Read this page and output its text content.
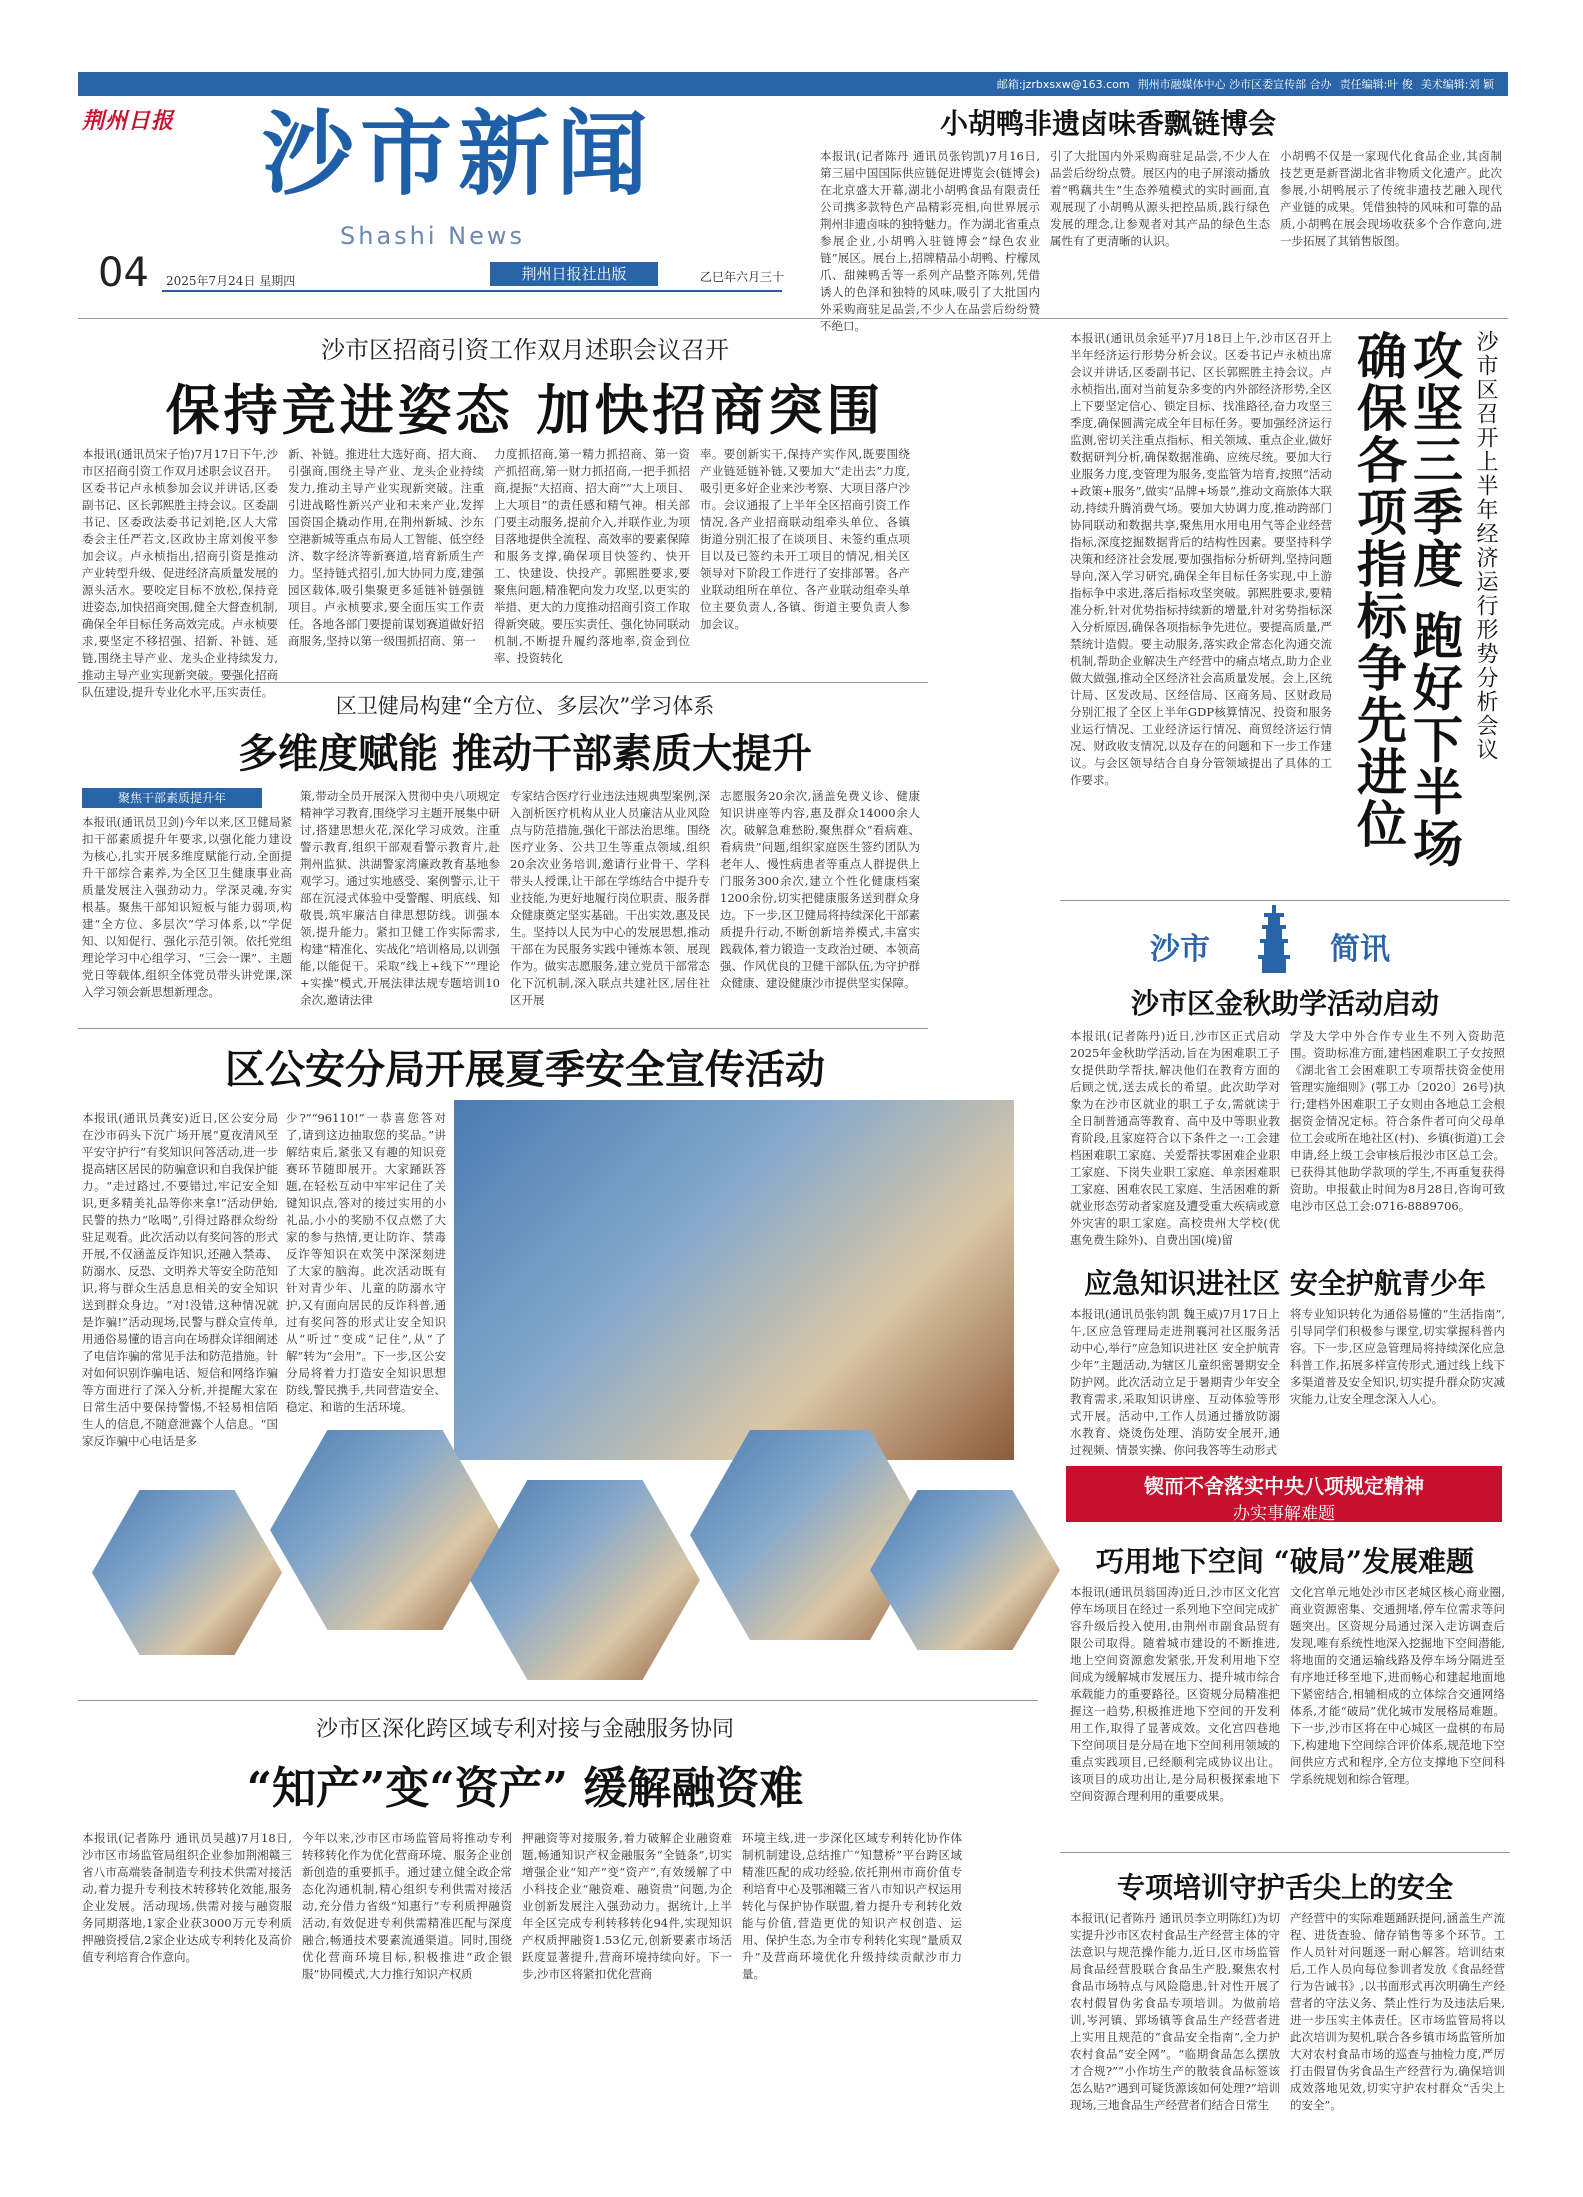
邮箱:jzrbxsxw@163.com 荆州市融媒体中心 沙市区委宣传部 合办 责任编辑:叶 俊 美术编辑:刘 颖
荆州日报 沙市新闻
Shashi News
04 2025年7月24日 星期四	荆州日报社出版	乙巳年六月三十
小胡鸭非遗卤味香飘链博会
本报讯(记者陈丹 通讯员张钧凯)7月16日,第三届中国国际供应链促进博览会(链博会)在北京盛大开幕,湖北小胡鸭食品有限责任公司携多款特色产品精彩亮相,向世界展示荆州非遗卤味的独特魅力。作为湖北省重点参展企业,小胡鸭入驻链博会“绿色农业链”展区。展台上,招牌精品小胡鸭、柠檬凤爪、甜辣鸭舌等一系列产品整齐陈列,凭借诱人的色泽和独特的风味,吸引了大批国内外采购商驻足品尝,不少人在品尝后纷纷赞不绝口。
引了大批国内外采购商驻足品尝,不少人在品尝后纷纷点赞。展区内的电子屏滚动播放着“鸭藕共生”生态养殖模式的实时画面,直观展现了小胡鸭从源头把控品质,践行绿色发展的理念,让参观者对其产品的绿色生态属性有了更清晰的认识。
小胡鸭不仅是一家现代化食品企业,其卤制技艺更是新晋湖北省非物质文化遗产。此次参展,小胡鸭展示了传统非遗技艺融入现代产业链的成果。凭借独特的风味和可靠的品质,小胡鸭在展会现场收获多个合作意向,进一步拓展了其销售版图。
沙市区招商引资工作双月述职会议召开
保持竞进姿态 加快招商突围
本报讯(通讯员宋子怡)7月17日下午,沙市区招商引资工作双月述职会议召开。区委书记卢永桢参加会议并讲话,区委副书记、区长郭熙胜主持会议。区委副书记、区委政法委书记刘艳,区人大常委会主任严若文,区政协主席刘俊平参加会议。卢永桢指出,招商引资是推动产业转型升级、促进经济高质量发展的源头活水。要咬定目标不放松,保持竞进姿态,加快招商突围,健全大督查机制,确保全年目标任务高效完成。卢永桢要求,要坚定不移招强、招新、补链、延链,围绕主导产业、龙头企业持续发力,推动主导产业实现新突破。要强化招商队伍建设,提升专业化水平,压实责任。
新、补链。推进壮大选好商、招大商、引强商,围绕主导产业、龙头企业持续发力,推动主导产业实现新突破。注重引进战略性新兴产业和未来产业,发挥国资国企撬动作用,在荆州新城、沙东空港新城等重点布局人工智能、低空经济、数字经济等新赛道,培育新质生产力。坚持链式招引,加大协同力度,建强园区载体,吸引集聚更多延链补链强链项目。卢永桢要求,要全面压实工作责任。各地各部门要提前谋划赛道做好招商服务,坚持以第一级围抓招商、第一
力度抓招商,第一精力抓招商、第一资产抓招商,第一财力抓招商,一把手抓招商,提振“大招商、招大商”“大上项目、上大项目”的责任感和精气神。相关部门要主动服务,提前介入,并联作业,为项目落地提供全流程、高效率的要素保障和服务支撑,确保项目快签约、快开工、快建设、快投产。郭熙胜要求,要聚焦问题,精准靶向发力攻坚,以更实的举措、更大的力度推动招商引资工作取得新突破。要压实责任、强化协同联动机制,不断提升履约落地率,资金到位率、投资转化
率。要创新实干,保持产实作风,既要围绕产业链延链补链,又要加大“走出去”力度,吸引更多好企业来沙考察、大项目落户沙市。会议通报了上半年全区招商引资工作情况,各产业招商联动组牵头单位、各镇街道分别汇报了在谈项目、未签约重点项目以及已签约未开工项目的情况,相关区领导对下阶段工作进行了安排部署。各产业联动组所在单位、各产业联动组牵头单位主要负责人,各镇、街道主要负责人参加会议。
区卫健局构建“全方位、多层次”学习体系
多维度赋能 推动干部素质大提升
聚焦干部素质提升年
本报讯(通讯员卫剑)今年以来,区卫健局紧扣干部素质提升年要求,以强化能力建设为核心,扎实开展多维度赋能行动,全面提升干部综合素养,为全区卫生健康事业高质量发展注入强劲动力。学深灵魂,夯实根基。聚焦干部知识短板与能力弱项,构建“全方位、多层次”学习体系,以“学促知、以知促行、强化示范引领。依托党组理论学习中心组学习、“三会一课”、主题党日等载体,组织全体党员带头讲党课,深入学习领会新思想新理念。
策,带动全员开展深入贯彻中央八项规定精神学习教育,围绕学习主题开展集中研讨,搭建思想火花,深化学习成效。注重警示教育,组织干部观看警示教育片,赴荆州监狱、洪湖警家湾廉政教育基地参观学习。通过实地感受、案例警示,让干部在沉浸式体验中受警醒、明底线、知敬畏,筑牢廉洁自律思想防线。训强本领,提升能力。紧扣卫健工作实际需求,构建“精准化、实战化”培训格局,以训强能,以能促干。采取“线上+线下”“理论+实操”模式,开展法律法规专题培训10余次,邀请法律
专家结合医疗行业违法违规典型案例,深入剖析医疗机构从业人员廉洁从业风险点与防范措施,强化干部法治思维。围绕医疗业务、公共卫生等重点领域,组织20余次业务培训,邀请行业骨干、学科带头人授课,让干部在学练结合中提升专业技能,为更好地履行岗位职责、服务群众健康奠定坚实基础。干出实效,惠及民生。坚持以人民为中心的发展思想,推动干部在为民服务实践中锤炼本领、展现作为。做实志愿服务,建立党员干部常态化下沉机制,深入联点共建社区,居住社区开展
志愿服务20余次,涵盖免费义诊、健康知识讲座等内容,惠及群众14000余人次。破解急难愁盼,聚焦群众“看病难、看病贵”问题,组织家庭医生签约团队为老年人、慢性病患者等重点人群提供上门服务300余次,建立个性化健康档案1200余份,切实把健康服务送到群众身边。下一步,区卫健局将持续深化干部素质提升行动,不断创新培养模式,丰富实践载体,着力锻造一支政治过硬、本领高强、作风优良的卫健干部队伍,为守护群众健康、建设健康沙市提供坚实保障。
区公安分局开展夏季安全宣传活动
本报讯(通讯员龚安)近日,区公安分局在沙市码头下沉广场开展“夏夜清风至 平安守护行”有奖知识问答活动,进一步提高辖区居民的防骗意识和自我保护能力。“走过路过,不要错过,牢记安全知识,更多精美礼品等你来拿!”活动伊始,民警的热力“吆喝”,引得过路群众纷纷驻足观看。此次活动以有奖问答的形式开展,不仅涵盖反诈知识,还融入禁毒、防溺水、反恐、文明养犬等安全防范知识,将与群众生活息息相关的安全知识送到群众身边。“对!没错,这种情况就是诈骗!”活动现场,民警与群众宣传单,用通俗易懂的语言向在场群众详细阐述了电信诈骗的常见手法和防范措施。针对如何识别诈骗电话、短信和网络诈骗等方面进行了深入分析,并提醒大家在日常生活中要保持警惕,不轻易相信陌生人的信息,不随意泄露个人信息。“国家反诈骗中心电话是多
少?”“96110!”一恭喜您答对了,请到这边抽取您的奖品。”讲解结束后,紧张又有趣的知识竞赛环节随即展开。大家踊跃答题,在轻松互动中牢牢记住了关键知识点,答对的接过实用的小礼品,小小的奖励不仅点燃了大家的参与热情,更让防诈、禁毒反诈等知识在欢笑中深深刻进了大家的脑海。此次活动既有针对青少年、儿童的防溺水守护,又有面向居民的反诈科普,通过有奖问答的形式让安全知识从“听过”变成“记住”,从“了解”转为“会用”。下一步,区公安分局将着力打造安全知识思想防线,警民携手,共同营造安全、稳定、和谐的生活环境。
沙市区深化跨区域专利对接与金融服务协同
“知产”变“资产” 缓解融资难
本报讯(记者陈丹 通讯员吴越)7月18日,沙市区市场监管局组织企业参加荆湘赣三省八市高端装备制造专利技术供需对接活动,着力提升专利技术转移转化效能,服务企业发展。活动现场,供需对接与融资服务同期落地,1家企业获3000万元专利质押融资授信,2家企业达成专利转化及高价值专利培育合作意向。
今年以来,沙市区市场监管局将推动专利转移转化作为优化营商环境、服务企业创新创造的重要抓手。通过建立健全政企常态化沟通机制,精心组织专利供需对接活动,充分借力省级“知惠行”专利质押融资活动,有效促进专利供需精准匹配与深度融合,畅通技术要素流通渠道。同时,围绕优化营商环境目标,积极推进“政企银服”协同模式,大力推行知识产权质
押融资等对接服务,着力破解企业融资难题,畅通知识产权金融服务“全链条”,切实增强企业“知产”变“资产”,有效缓解了中小科技企业“融资难、融资贵”问题,为企业创新发展注入强劲动力。据统计,上半年全区完成专利转移转化94件,实现知识产权质押融资1.53亿元,创新要素市场活跃度显著提升,营商环境持续向好。下一步,沙市区将紧扣优化营商
环境主线,进一步深化区域专利转化协作体制机制建设,总结推广“知慧桥”平台跨区域精准匹配的成功经验,依托荆州市商价值专利培育中心及鄂湘赣三省八市知识产权运用转化与保护协作联盟,着力提升专利转化效能与价值,营造更优的知识产权创造、运用、保护生态,为全市专利转化实现“量质双升”及营商环境优化升级持续贡献沙市力量。
本报讯(通讯员余延平)7月18日上午,沙市区召开上半年经济运行形势分析会议。区委书记卢永桢出席会议并讲话,区委副书记、区长郭熙胜主持会议。卢永桢指出,面对当前复杂多变的内外部经济形势,全区上下要坚定信心、锁定目标、找准路径,奋力攻坚三季度,确保圆满完成全年目标任务。要加强经济运行监测,密切关注重点指标、相关领域、重点企业,做好数据研判分析,确保数据准确、应统尽统。要加大行业服务力度,变管理为服务,变监管为培育,按照“活动+政策+服务”,做实“品牌+场景”,推动文商旅体大联动,持续升腾消费气场。要加大协调力度,推动跨部门协同联动和数据共享,聚焦用水用电用气等企业经营指标,深度挖掘数据背后的结构性因素。要坚持科学决策和经济社会发展,要加强指标分析研判,坚持问题导向,深入学习研究,确保全年目标任务实现,中上游指标争中求进,落后指标攻坚突破。郭熙胜要求,要精准分析,针对优势指标持续新的增量,针对劣势指标深入分析原因,确保各项指标争先进位。要提高质量,严禁统计造假。要主动服务,落实政企常态化沟通交流机制,帮助企业解决生产经营中的痛点堵点,助力企业做大做强,推动全区经济社会高质量发展。会上,区统计局、区发改局、区经信局、区商务局、区财政局分别汇报了全区上半年GDP核算情况、投资和服务业运行情况、工业经济运行情况、商贸经济运行情况、财政收支情况,以及存在的问题和下一步工作建议。与会区领导结合自身分管领域提出了具体的工作要求。	攻坚三季度 跑好下半场 确保各项指标争先进位	沙市区召开上半年经济运行形势分析会议
沙市	简讯
沙市区金秋助学活动启动
本报讯(记者陈丹)近日,沙市区正式启动2025年金秋助学活动,旨在为困难职工子女提供助学帮扶,解决他们在教育方面的后顾之忧,送去成长的希望。此次助学对象为在沙市区就业的职工子女,需就读于全日制普通高等教育、高中及中等职业教育阶段,且家庭符合以下条件之一:工会建档困难职工家庭、关爱帮扶零困难企业职工家庭、下岗失业职工家庭、单亲困难职工家庭、困难农民工家庭、生活困难的新就业形态劳动者家庭及遭受重大疾病或意外灾害的职工家庭。高校贵州大学校(优惠免费生除外)、自费出国(境)留
学及大学中外合作专业生不列入资助范围。资助标准方面,建档困难职工子女按照《湖北省工会困难职工专项帮扶资金使用管理实施细则》(鄂工办〔2020〕26号)执行;建档外困难职工子女则由各地总工会根据资金情况定标。符合条件者可向父母单位工会或所在地社区(村)、乡镇(街道)工会申请,经上级工会审核后报沙市区总工会。已获得其他助学款项的学生,不再重复获得资助。申报截止时间为8月28日,咨询可致电沙市区总工会:0716-8889706。
应急知识进社区 安全护航青少年
本报讯(通讯员张钧凯 魏王威)7月17日上午,区应急管理局走进荆襄河社区服务活动中心,举行“应急知识进社区 安全护航青少年”主题活动,为辖区儿童织密暑期安全防护网。此次活动立足于暑期青少年安全教育需求,采取知识讲座、互动体验等形式开展。活动中,工作人员通过播放防溺水教育、烧烫伤处理、消防安全展开,通过视频、情景实操、你问我答等生动形式
将专业知识转化为通俗易懂的“生活指南”,引导同学们积极参与课堂,切实掌握科普内容。下一步,区应急管理局将持续深化应急科普工作,拓展多样宣传形式,通过线上线下多渠道普及安全知识,切实提升群众防灾减灾能力,让安全理念深入人心。
锲而不舍落实中央八项规定精神
办实事解难题
巧用地下空间 “破局”发展难题
本报讯(通讯员翁国涛)近日,沙市区文化宫停车场项目在经过一系列地下空间完成扩容升级后投入使用,由荆州市副食品贸有限公司取得。随着城市建设的不断推进,地上空间资源愈发紧张,开发利用地下空间成为缓解城市发展压力、提升城市综合承载能力的重要路径。区资规分局精准把握这一趋势,积极推进地下空间的开发利用工作,取得了显著成效。文化宫四巷地下空间项目是分局在地下空间利用领域的重点实践项目,已经顺利完成协议出让。该项目的成功出让,是分局积极探索地下空间资源合理利用的重要成果。
文化宫单元地处沙市区老城区核心商业圈,商业资源密集、交通拥堵,停车位需求等问题突出。区资规分局通过深入走访调查后发现,唯有系统性地深入挖掘地下空间潜能,将地面的交通运输线路及停车场分隔进至有序地迁移至地下,进而畅心和建起地面地下紧密结合,相辅相成的立体综合交通网络体系,才能“破局”优化城市发展格局难题。下一步,沙市区将在中心城区一盘棋的布局下,构建地下空间综合评价体系,规范地下空间供应方式和程序,全方位支撑地下空间科学系统规划和综合管理。
专项培训守护舌尖上的安全
本报讯(记者陈丹 通讯员李立明陈红)为切实提升沙市区农村食品生产经营主体的守法意识与规范操作能力,近日,区市场监管局食品经营股联合食品生产股,聚焦农村食品市场特点与风险隐患,针对性开展了农村假冒伪劣食品专项培训。为做前培训,岑河镇、郢场镇等食品生产经营者进上实用且规范的“食品安全指南”,全力护农村食品“安全网”。“临期食品怎么摆放才合规?”“小作坊生产的散装食品标签该怎么贴?”遇到可疑货源该如何处理?”培训现场,三地食品生产经营者们结合日常生
产经营中的实际难题踊跃提问,涵盖生产流程、进货查验、储存销售等多个环节。工作人员针对问题逐一耐心解答。培训结束后,工作人员向每位参训者发放《食品经营行为告诫书》,以书面形式再次明确生产经营者的守法义务、禁止性行为及违法后果,进一步压实主体责任。区市场监管局将以此次培训为契机,联合各乡镇市场监管所加大对农村食品市场的巡查与抽检力度,严厉打击假冒伪劣食品生产经营行为,确保培训成效落地见效,切实守护农村群众“舌尖上的安全”。
